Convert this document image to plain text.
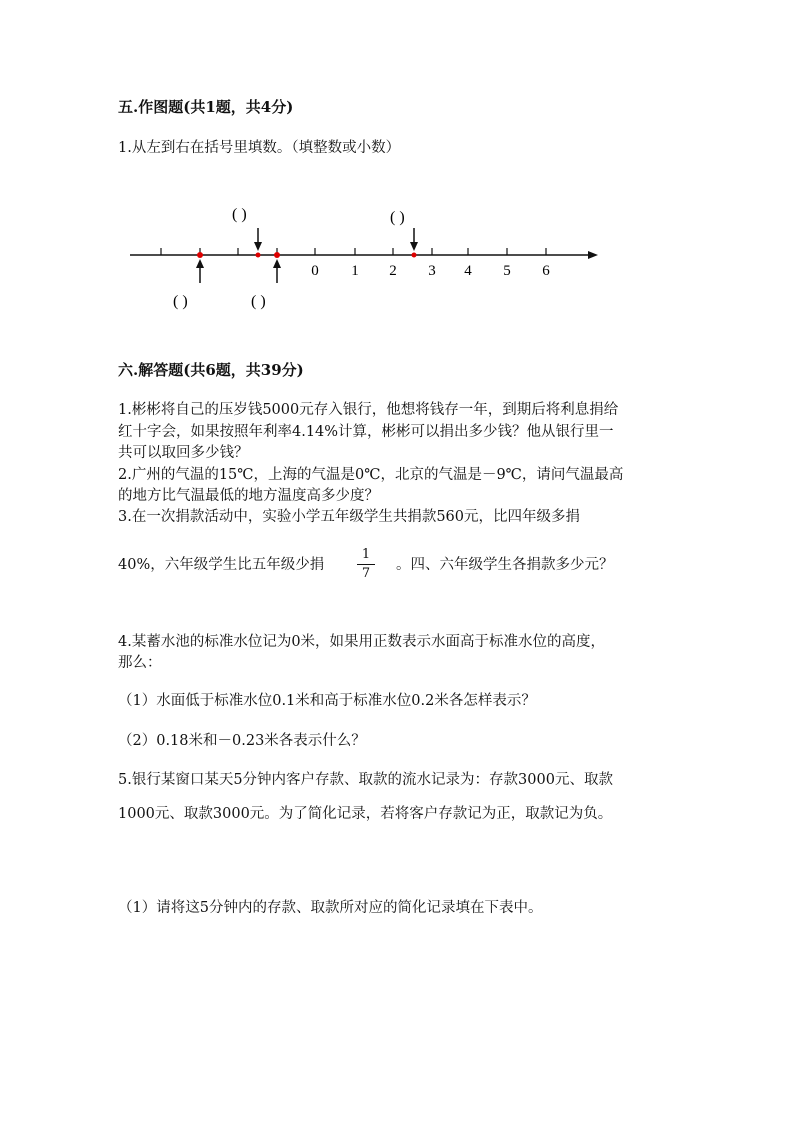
五.作图题(共1题，共4分)
1.从左到右在括号里填数。（填整数或小数）
0 1 2 3 4 5 6
( )	( )
( )	( )
六.解答题(共6题，共39分)
1.彬彬将自己的压岁钱5000元存入银行，他想将钱存一年，到期后将利息捐给
红十字会，如果按照年利率4.14%计算，彬彬可以捐出多少钱？他从银行里一
共可以取回多少钱？
2.广州的气温的15℃，上海的气温是0℃，北京的气温是－9℃，请问气温最高
的地方比气温最低的地方温度高多少度？
3.在一次捐款活动中，实验小学五年级学生共捐款560元，比四年级多捐
40%，六年级学生比五年级少捐	$\frac{1}{7}$ 。四、六年级学生各捐款多少元？
4.某蓄水池的标准水位记为0米，如果用正数表示水面高于标准水位的高度，
那么：
（1）水面低于标准水位0.1米和高于标准水位0.2米各怎样表示？
（2）0.18米和－0.23米各表示什么？
5.银行某窗口某天5分钟内客户存款、取款的流水记录为：存款3000元、取款
1000元、取款3000元。为了简化记录，若将客户存款记为正，取款记为负。
（1）请将这5分钟内的存款、取款所对应的简化记录填在下表中。
